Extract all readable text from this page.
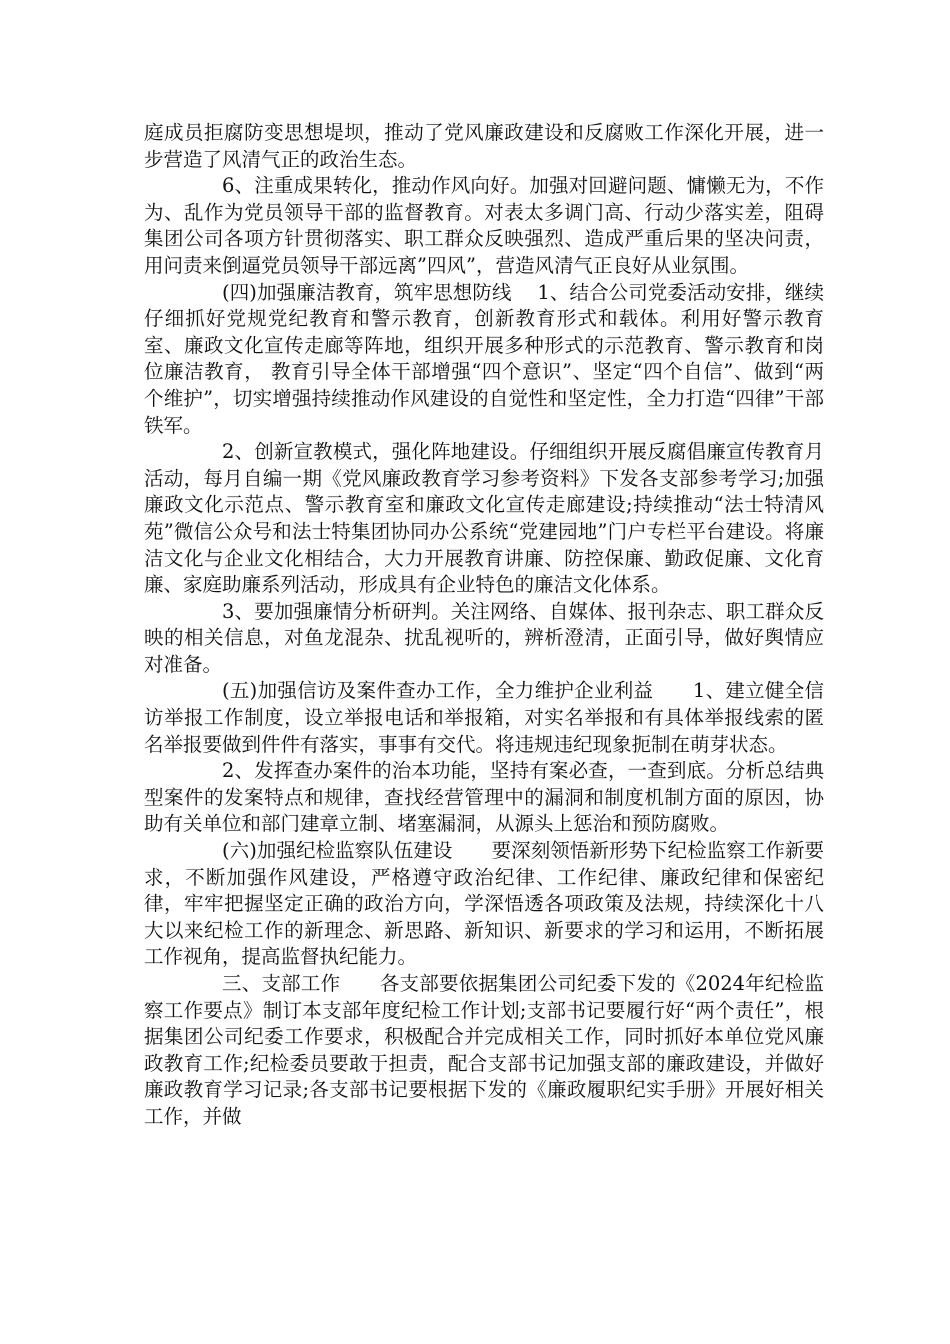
庭成员拒腐防变思想堤坝，推动了党风廉政建设和反腐败工作深化开展，进一步营造了风清气正的政治生态。

6、注重成果转化，推动作风向好。加强对回避问题、慵懒无为，不作为、乱作为党员领导干部的监督教育。对表太多调门高、行动少落实差，阻碍集团公司各项方针贯彻落实、职工群众反映强烈、造成严重后果的坚决问责，用问责来倒逼党员领导干部远离”四风”，营造风清气正良好从业氛围。

(四)加强廉洁教育，筑牢思想防线　 1、结合公司党委活动安排，继续仔细抓好党规党纪教育和警示教育，创新教育形式和载体。利用好警示教育室、廉政文化宣传走廊等阵地，组织开展多种形式的示范教育、警示教育和岗位廉洁教育， 教育引导全体干部增强“四个意识”、坚定“四个自信”、做到“两个维护”，切实增强持续推动作风建设的自觉性和坚定性，全力打造“四律”干部铁军。

2、创新宣教模式，强化阵地建设。仔细组织开展反腐倡廉宣传教育月活动，每月自编一期《党风廉政教育学习参考资料》下发各支部参考学习;加强廉政文化示范点、警示教育室和廉政文化宣传走廊建设;持续推动“法士特清风苑”微信公众号和法士特集团协同办公系统“党建园地”门户专栏平台建设。将廉洁文化与企业文化相结合，大力开展教育讲廉、防控保廉、勤政促廉、文化育廉、家庭助廉系列活动，形成具有企业特色的廉洁文化体系。

3、要加强廉情分析研判。关注网络、自媒体、报刊杂志、职工群众反映的相关信息，对鱼龙混杂、扰乱视听的，辨析澄清，正面引导，做好舆情应对准备。

(五)加强信访及案件查办工作，全力维护企业利益　　1、建立健全信访举报工作制度，设立举报电话和举报箱，对实名举报和有具体举报线索的匿名举报要做到件件有落实，事事有交代。将违规违纪现象扼制在萌芽状态。

2、发挥查办案件的治本功能，坚持有案必查，一查到底。分析总结典型案件的发案特点和规律，查找经营管理中的漏洞和制度机制方面的原因，协助有关单位和部门建章立制、堵塞漏洞，从源头上惩治和预防腐败。

(六)加强纪检监察队伍建设　　要深刻领悟新形势下纪检监察工作新要求，不断加强作风建设，严格遵守政治纪律、工作纪律、廉政纪律和保密纪律，牢牢把握坚定正确的政治方向，学深悟透各项政策及法规，持续深化十八大以来纪检工作的新理念、新思路、新知识、新要求的学习和运用，不断拓展工作视角，提高监督执纪能力。

三、支部工作　　各支部要依据集团公司纪委下发的《2024年纪检监察工作要点》制订本支部年度纪检工作计划;支部书记要履行好“两个责任”，根据集团公司纪委工作要求，积极配合并完成相关工作，同时抓好本单位党风廉政教育工作;纪检委员要敢于担责，配合支部书记加强支部的廉政建设，并做好廉政教育学习记录;各支部书记要根据下发的《廉政履职纪实手册》开展好相关工作，并做
